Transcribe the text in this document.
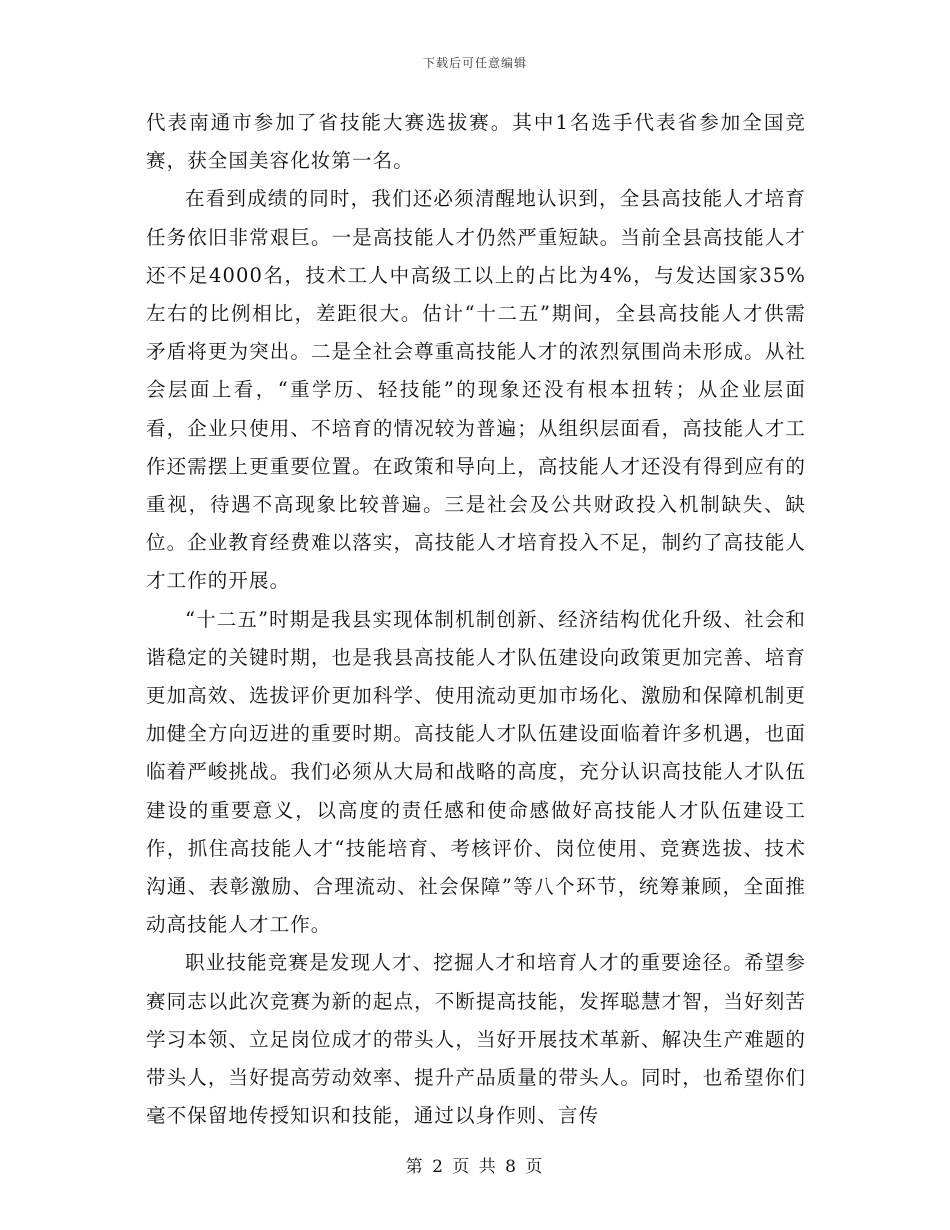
下载后可任意编辑

代表南通市参加了省技能大赛选拔赛。其中1名选手代表省参加全国竞赛，获全国美容化妆第一名。

在看到成绩的同时，我们还必须清醒地认识到，全县高技能人才培育任务依旧非常艰巨。一是高技能人才仍然严重短缺。当前全县高技能人才还不足4000名，技术工人中高级工以上的占比为4%，与发达国家35%左右的比例相比，差距很大。估计“十二五”期间，全县高技能人才供需矛盾将更为突出。二是全社会尊重高技能人才的浓烈氛围尚未形成。从社会层面上看，“重学历、轻技能”的现象还没有根本扭转；从企业层面看，企业只使用、不培育的情况较为普遍；从组织层面看，高技能人才工作还需摆上更重要位置。在政策和导向上，高技能人才还没有得到应有的重视，待遇不高现象比较普遍。三是社会及公共财政投入机制缺失、缺位。企业教育经费难以落实，高技能人才培育投入不足，制约了高技能人才工作的开展。

“十二五”时期是我县实现体制机制创新、经济结构优化升级、社会和谐稳定的关键时期，也是我县高技能人才队伍建设向政策更加完善、培育更加高效、选拔评价更加科学、使用流动更加市场化、激励和保障机制更加健全方向迈进的重要时期。高技能人才队伍建设面临着许多机遇，也面临着严峻挑战。我们必须从大局和战略的高度，充分认识高技能人才队伍建设的重要意义，以高度的责任感和使命感做好高技能人才队伍建设工作，抓住高技能人才“技能培育、考核评价、岗位使用、竞赛选拔、技术沟通、表彰激励、合理流动、社会保障”等八个环节，统筹兼顾，全面推动高技能人才工作。

职业技能竞赛是发现人才、挖掘人才和培育人才的重要途径。希望参赛同志以此次竞赛为新的起点，不断提高技能，发挥聪慧才智，当好刻苦学习本领、立足岗位成才的带头人，当好开展技术革新、解决生产难题的带头人，当好提高劳动效率、提升产品质量的带头人。同时，也希望你们毫不保留地传授知识和技能，通过以身作则、言传

第 2 页 共 8 页
